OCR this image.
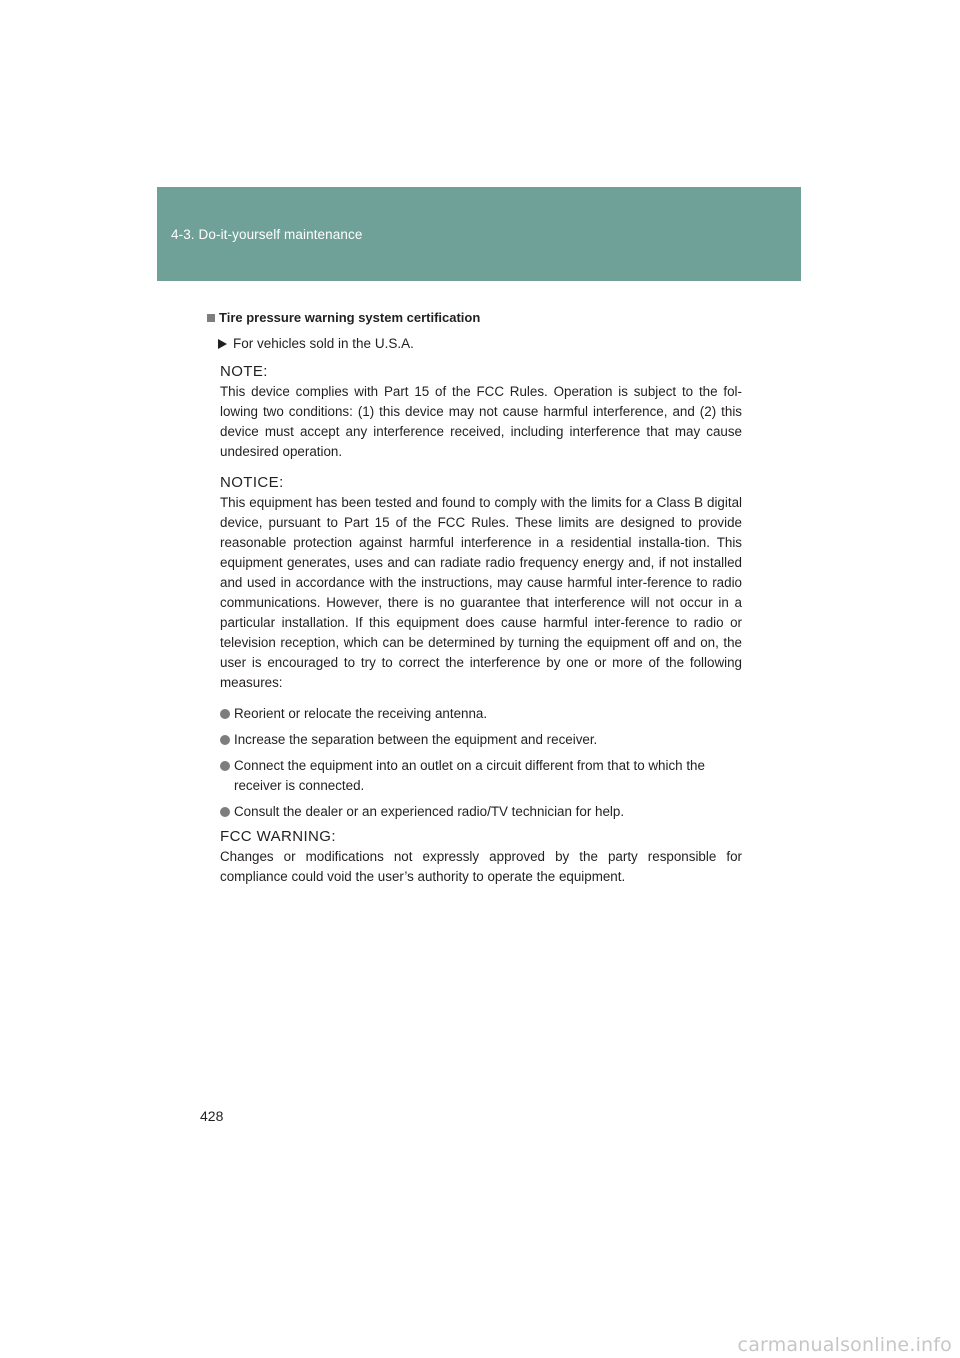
4-3. Do-it-yourself maintenance
Tire pressure warning system certification
For vehicles sold in the U.S.A.
NOTE:
This device complies with Part 15 of the FCC Rules. Operation is subject to the fol-lowing two conditions: (1) this device may not cause harmful interference, and (2) this device must accept any interference received, including interference that may cause undesired operation.
NOTICE:
This equipment has been tested and found to comply with the limits for a Class B digital device, pursuant to Part 15 of the FCC Rules. These limits are designed to provide reasonable protection against harmful interference in a residential installa-tion. This equipment generates, uses and can radiate radio frequency energy and, if not installed and used in accordance with the instructions, may cause harmful inter-ference to radio communications. However, there is no guarantee that interference will not occur in a particular installation. If this equipment does cause harmful inter-ference to radio or television reception, which can be determined by turning the equipment off and on, the user is encouraged to try to correct the interference by one or more of the following measures:
Reorient or relocate the receiving antenna.
Increase the separation between the equipment and receiver.
Connect the equipment into an outlet on a circuit different from that to which the receiver is connected.
Consult the dealer or an experienced radio/TV technician for help.
FCC WARNING:
Changes or modifications not expressly approved by the party responsible for compliance could void the user’s authority to operate the equipment.
428
carmanualsonline.info
